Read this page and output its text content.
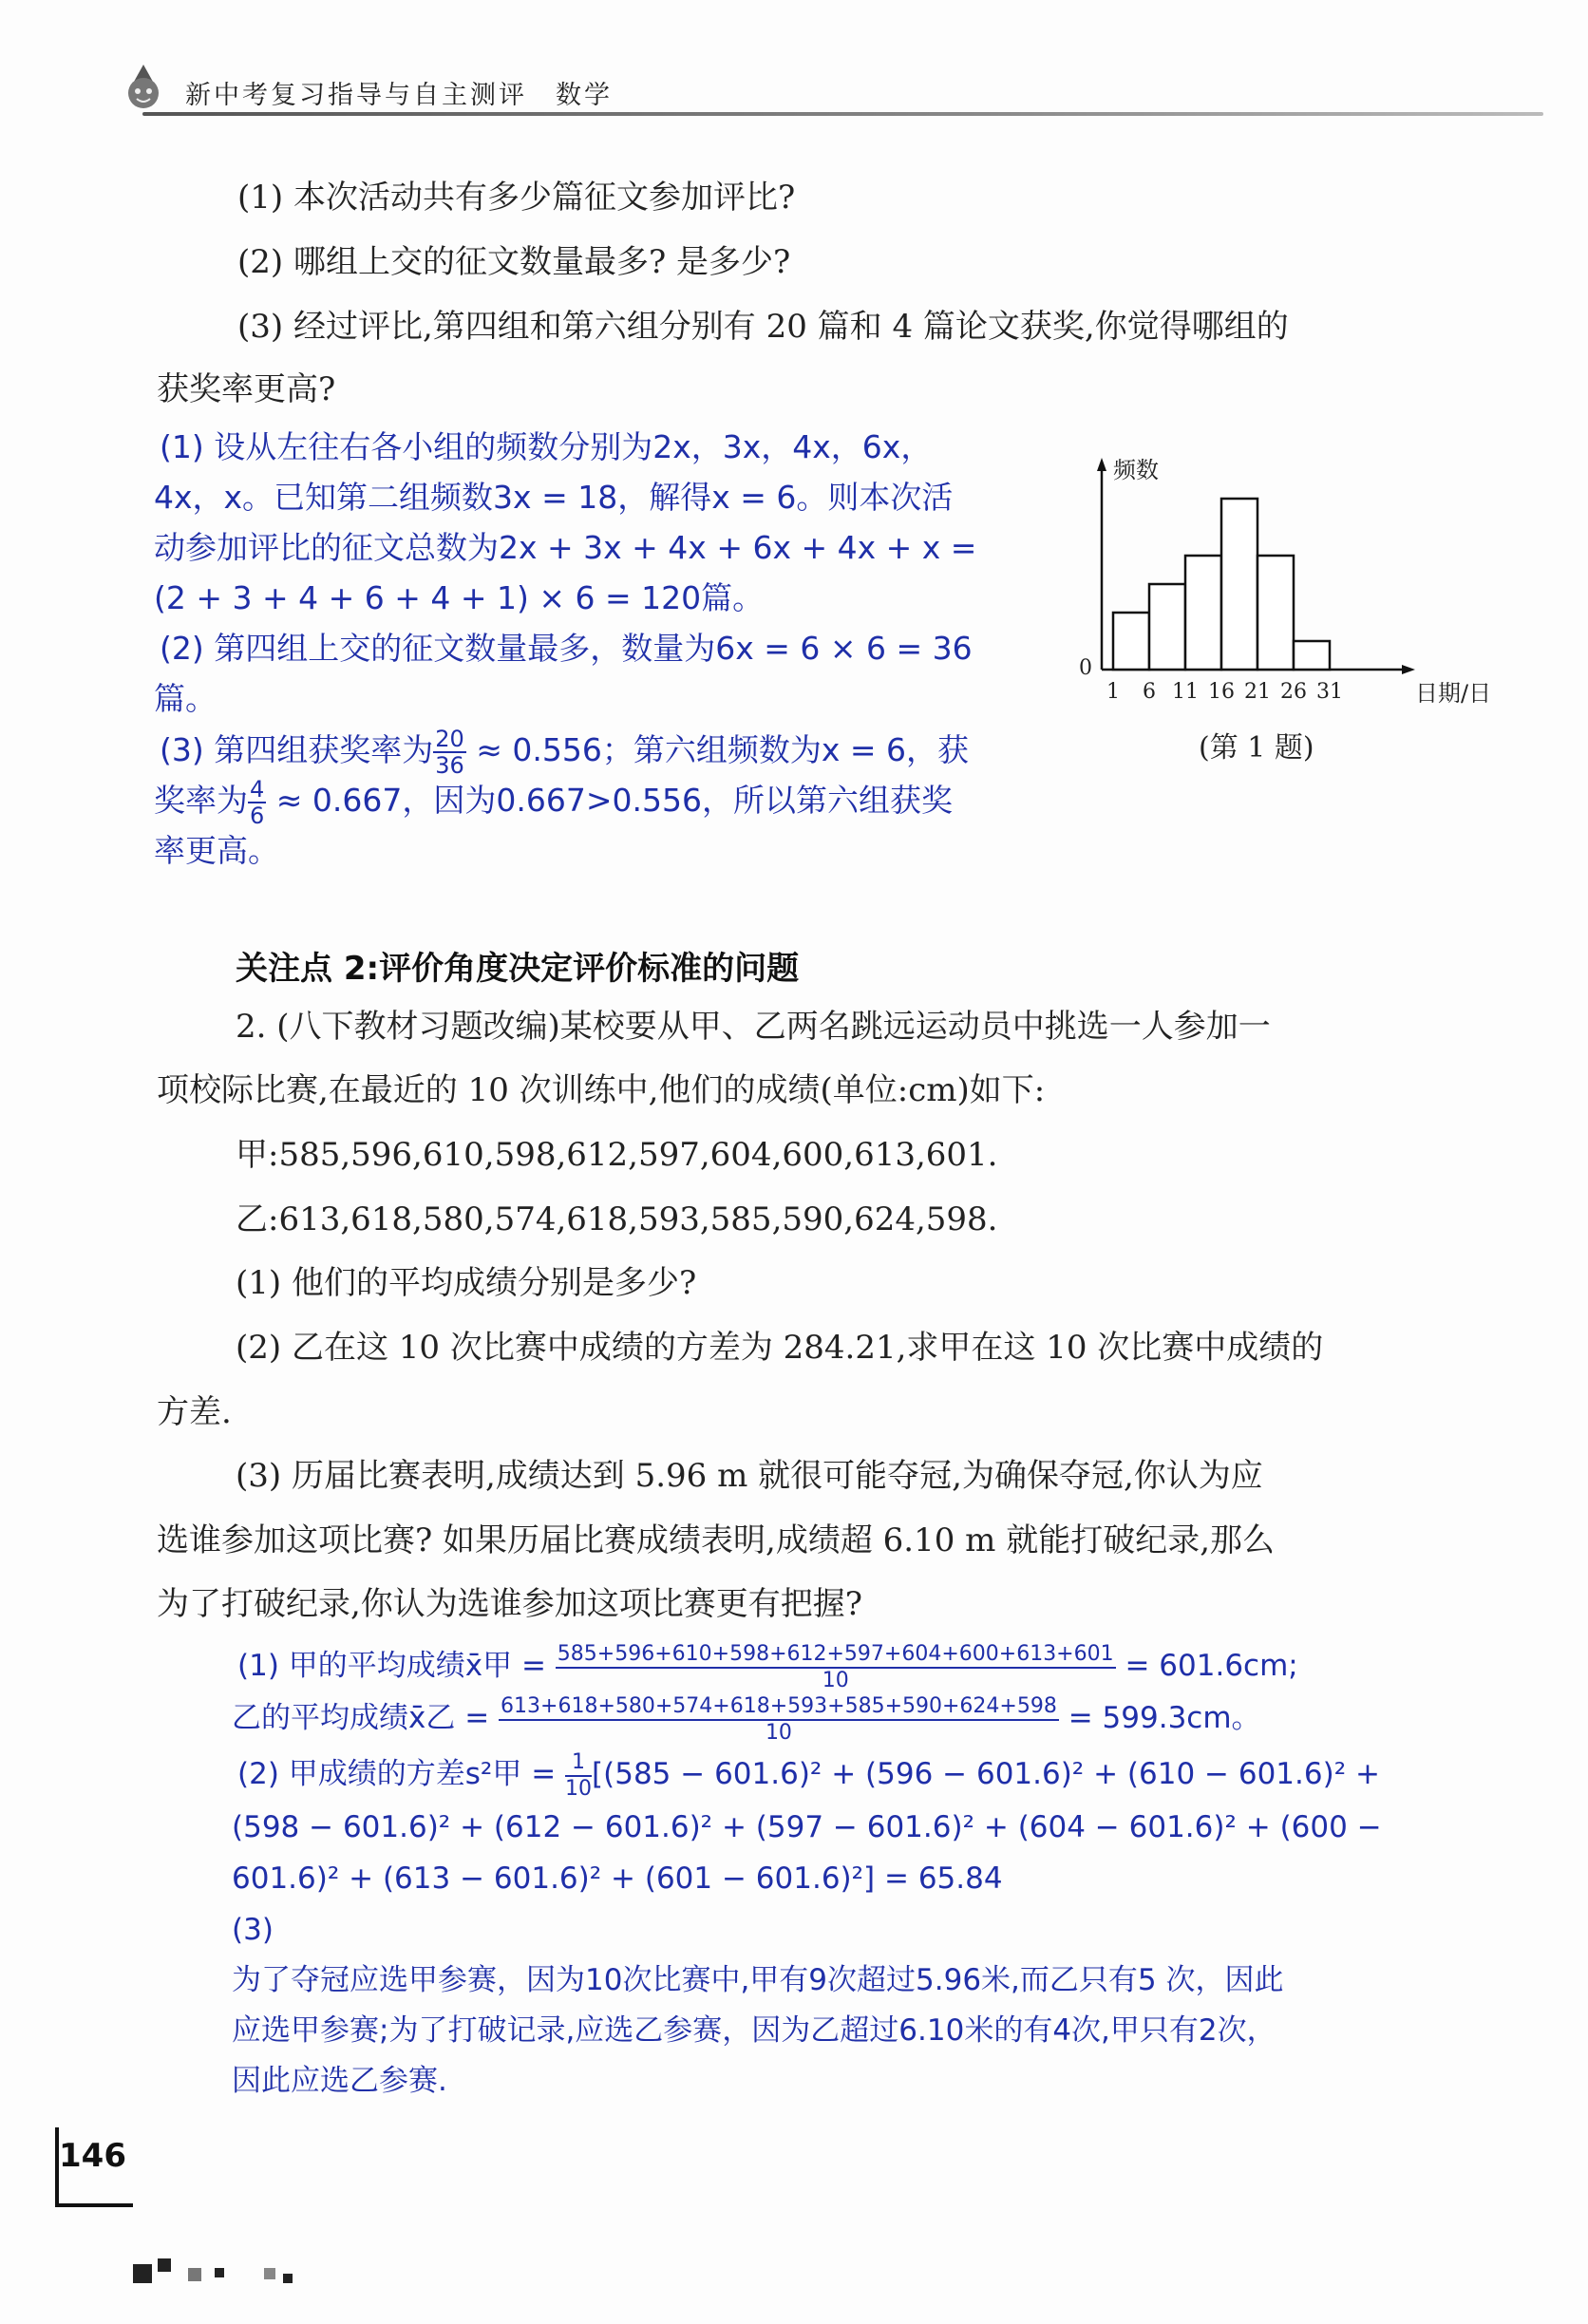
新中考复习指导与自主测评　数学
(1) 本次活动共有多少篇征文参加评比?
(2) 哪组上交的征文数量最多? 是多少?
(3) 经过评比,第四组和第六组分别有 20 篇和 4 篇论文获奖,你觉得哪组的
获奖率更高?
(1) 设从左往右各小组的频数分别为2x，3x，4x，6x，
4x，x。已知第二组频数3x = 18，解得x = 6。则本次活
动参加评比的征文总数为2x + 3x + 4x + 6x + 4x + x =
(2 + 3 + 4 + 6 + 4 + 1) × 6 = 120篇。
(2) 第四组上交的征文数量最多，数量为6x = 6 × 6 = 36
篇。
(3) 第四组获奖率为 $\frac{20}{36} \approx 0.556$；第六组频数为x = 6，获
奖率为 $\frac{4}{6} \approx 0.667$，因为0.667>0.556，所以第六组获奖
率更高。
频数
0
日期/日
1 6 11 16 21 26 31
(第 1 题)
关注点 2:评价角度决定评价标准的问题
2. (八下教材习题改编)某校要从甲、乙两名跳远运动员中挑选一人参加一
项校际比赛,在最近的 10 次训练中,他们的成绩(单位:cm)如下:
甲:585,596,610,598,612,597,604,600,613,601.
乙:613,618,580,574,618,593,585,590,624,598.
(1) 他们的平均成绩分别是多少?
(2) 乙在这 10 次比赛中成绩的方差为 284.21,求甲在这 10 次比赛中成绩的
方差.
(3) 历届比赛表明,成绩达到 5.96 m 就很可能夺冠,为确保夺冠,你认为应
选谁参加这项比赛? 如果历届比赛成绩表明,成绩超 6.10 m 就能打破纪录,那么
为了打破纪录,你认为选谁参加这项比赛更有把握?
(1) 甲的平均成绩x̄甲 = $\frac{585+596+610+598+612+597+604+600+613+601}{10} = 601.6cm$;
乙的平均成绩x̄乙 = $\frac{613+618+580+574+618+593+585+590+624+598}{10} = 599.3cm$。
(2) 甲成绩的方差s²甲 = $\frac{1}{10} [(585 - 601.6)^2 + (596 - 601.6)^2 + (610 - 601.6)^2$ +
(598 − 601.6)² + (612 − 601.6)² + (597 − 601.6)² + (604 − 601.6)² + (600 −
601.6)² + (613 − 601.6)² + (601 − 601.6)²] = 65.84
(3)
为了夺冠应选甲参赛，因为10次比赛中,甲有9次超过5.96米,而乙只有5 次，因此
应选甲参赛;为了打破记录,应选乙参赛，因为乙超过6.10米的有4次,甲只有2次，
因此应选乙参赛.
146
